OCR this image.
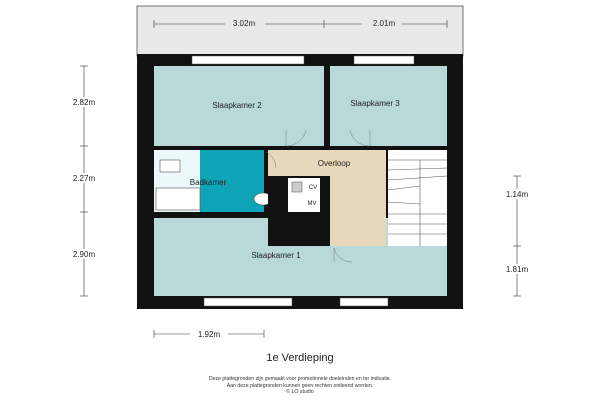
Slaapkamer 2	Slaapkamer 3
Overloop
Badkamer
Slaapkamer 1
CV
MV
3.02m	2.01m
2.82m
2.27m
2.90m
1.14m
1.81m
1.92m
1e Verdieping
Deze plattegronden zijn gemaakt voor promotionele doeleinden en ter indicatie.
Aan deze plattegronden kunnen geen rechten ontleend worden.
© LO studio
